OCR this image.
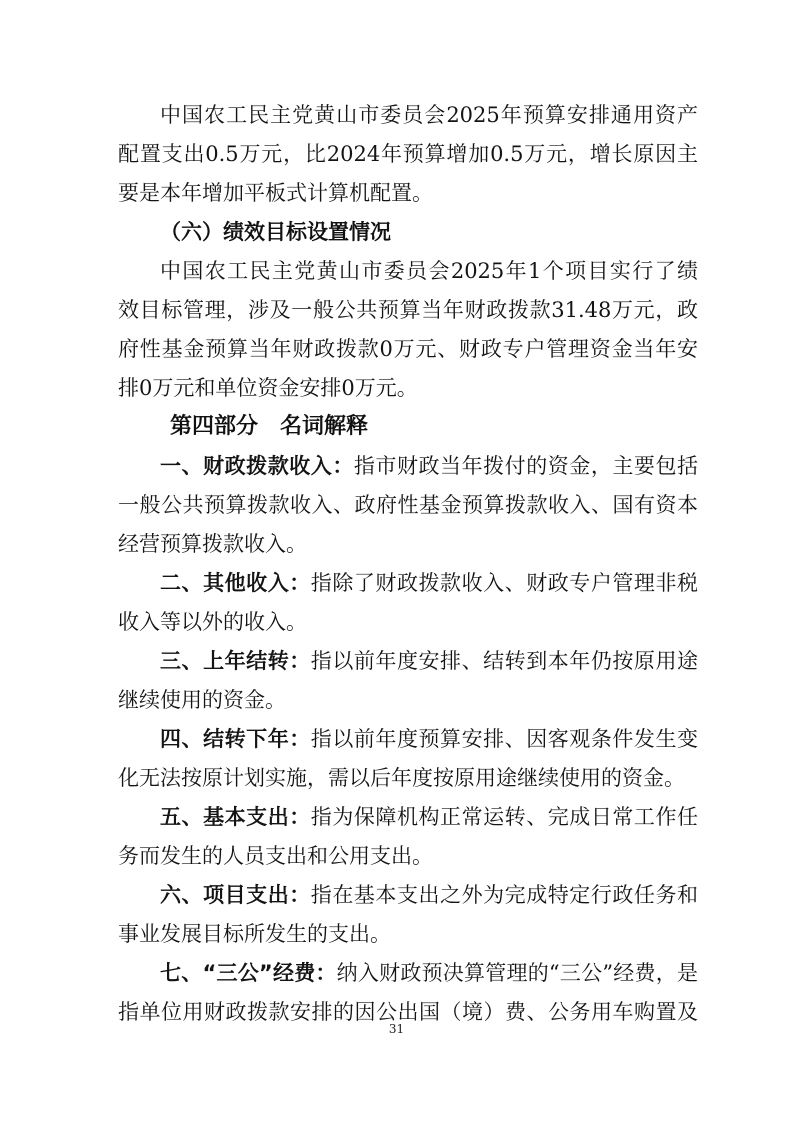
中国农工民主党黄山市委员会2025年预算安排通用资产
配置支出0.5万元，比2024年预算增加0.5万元，增长原因主
要是本年增加平板式计算机配置。
（六）绩效目标设置情况
中国农工民主党黄山市委员会2025年1个项目实行了绩
效目标管理，涉及一般公共预算当年财政拨款31.48万元，政
府性基金预算当年财政拨款0万元、财政专户管理资金当年安
排0万元和单位资金安排0万元。
第四部分　名词解释
一、财政拨款收入：指市财政当年拨付的资金，主要包括
一般公共预算拨款收入、政府性基金预算拨款收入、国有资本
经营预算拨款收入。
二、其他收入：指除了财政拨款收入、财政专户管理非税
收入等以外的收入。
三、上年结转：指以前年度安排、结转到本年仍按原用途
继续使用的资金。
四、结转下年：指以前年度预算安排、因客观条件发生变
化无法按原计划实施，需以后年度按原用途继续使用的资金。
五、基本支出：指为保障机构正常运转、完成日常工作任
务而发生的人员支出和公用支出。
六、项目支出：指在基本支出之外为完成特定行政任务和
事业发展目标所发生的支出。
七、“三公”经费：纳入财政预决算管理的“三公”经费，是
指单位用财政拨款安排的因公出国（境）费、公务用车购置及
31
